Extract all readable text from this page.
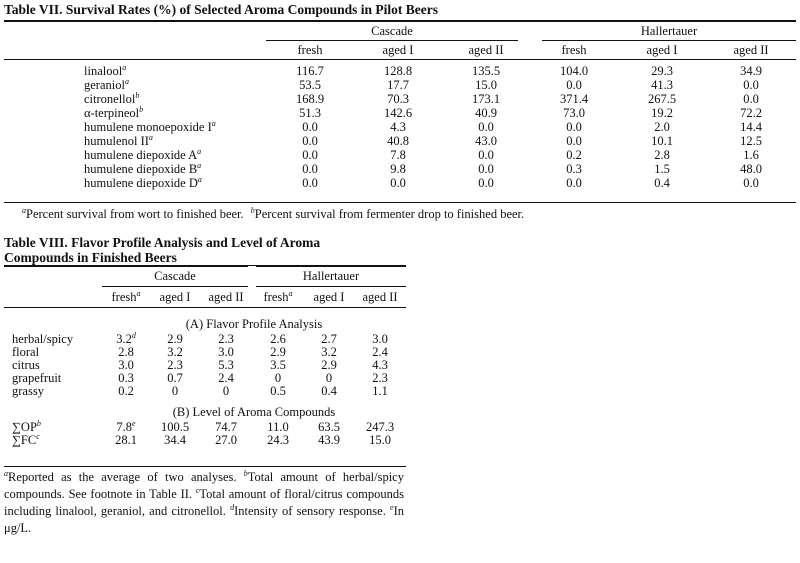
Table VII. Survival Rates (%) of Selected Aroma Compounds in Pilot Beers
	Cascade			Hallertauer		
	fresh	aged I	aged II	fresh	aged I	aged II
linalool$^a$	116.7	128.8	135.5	104.0	29.3	34.9
geraniol$^a$	53.5	17.7	15.0	0.0	41.3	0.0
citronellol$^b$	168.9	70.3	173.1	371.4	267.5	0.0
α-terpineol$^b$	51.3	142.6	40.9	73.0	19.2	72.2
humulene monoepoxide $I^a$	0.0	4.3	0.0	0.0	2.0	14.4
humulenol $II^a$	0.0	40.8	43.0	0.0	10.1	12.5
humulene diepoxide $A^a$	0.0	7.8	0.0	0.2	2.8	1.6
humulene diepoxide $B^a$	0.0	9.8	0.0	0.3	1.5	48.0
humulene diepoxide $D^a$	0.0	0.0	0.0	0.0	0.4	0.0
$^a$Percent survival from wort to finished beer. $^b$Percent survival from fermenter drop to finished beer.
Table VIII. Flavor Profile Analysis and Level of Aroma
Compounds in Finished Beers
	Cascade			Hallertauer		
	fresh$^a$	aged I	aged II	fresh$^a$	aged I	aged II
	(A) Flavor Profile Analysis					
herbal/spicy	3.2$^d$	2.9	2.3	2.6	2.7	3.0
floral	2.8	3.2	3.0	2.9	3.2	2.4
citrus	3.0	2.3	5.3	3.5	2.9	4.3
grapefruit	0.3	0.7	2.4	0	0	2.3
grassy	0.2	0	0	0.5	0.4	1.1
	(B) Level of Aroma Compounds					
$\sum OP^b$	7.8e	100.5	74.7	11.0	63.5	247.3
$\sum FC^c$	28.1	34.4	27.0	24.3	43.9	15.0
$^a$Reported as the average of two analyses. $^b$Total amount of herbal/spicy compounds. See footnote in Table II. $^c$Total amount of floral/citrus compounds including linalool, geraniol, and citronellol. $^d$Intensity of sensory response. $^e$In μg/L.
